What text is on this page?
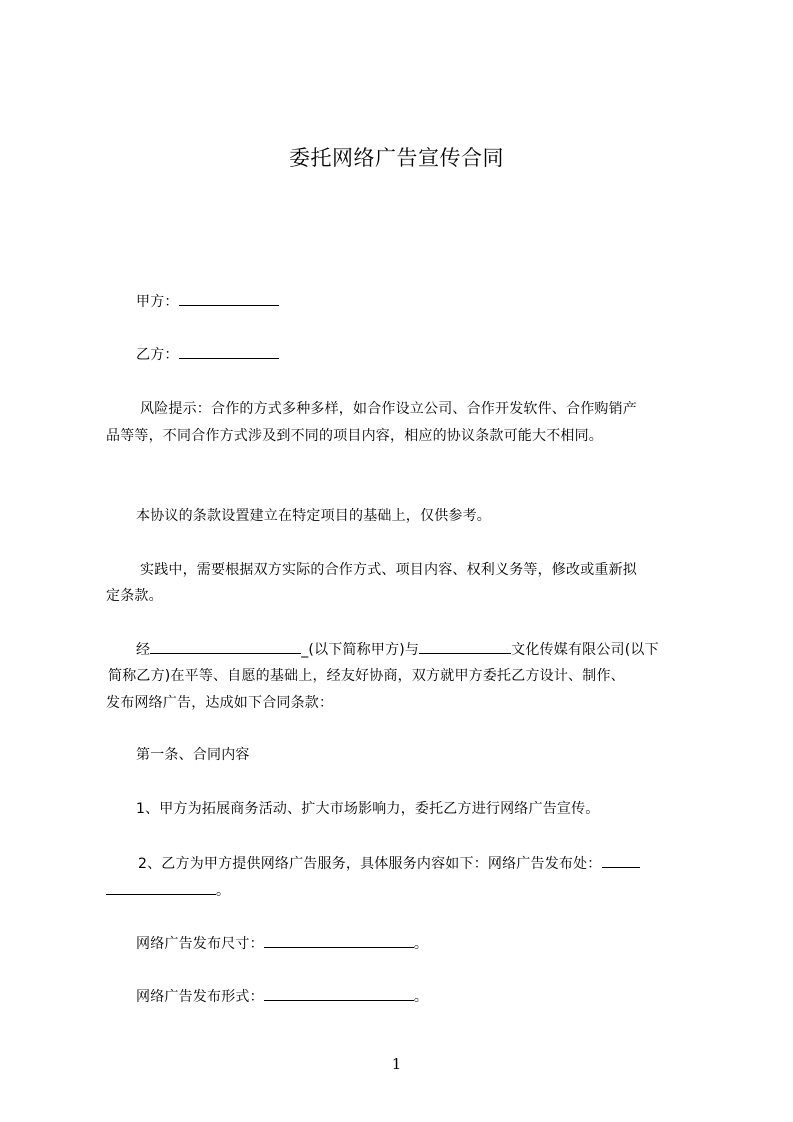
委托网络广告宣传合同
甲方：
乙方：
风险提示：合作的方式多种多样，如合作设立公司、合作开发软件、合作购销产
品等等，不同合作方式涉及到不同的项目内容，相应的协议条款可能大不相同。
本协议的条款设置建立在特定项目的基础上，仅供参考。
实践中，需要根据双方实际的合作方式、项目内容、权利义务等，修改或重新拟
定条款。
经	_(以下简称甲方)与	文化传媒有限公司(以下
简称乙方)在平等、自愿的基础上，经友好协商，双方就甲方委托乙方设计、制作、
发布网络广告，达成如下合同条款：
第一条、合同内容
1、甲方为拓展商务活动、扩大市场影响力，委托乙方进行网络广告宣传。
2、乙方为甲方提供网络广告服务，具体服务内容如下：网络广告发布处：
。
网络广告发布尺寸：	。
网络广告发布形式：	。
1
